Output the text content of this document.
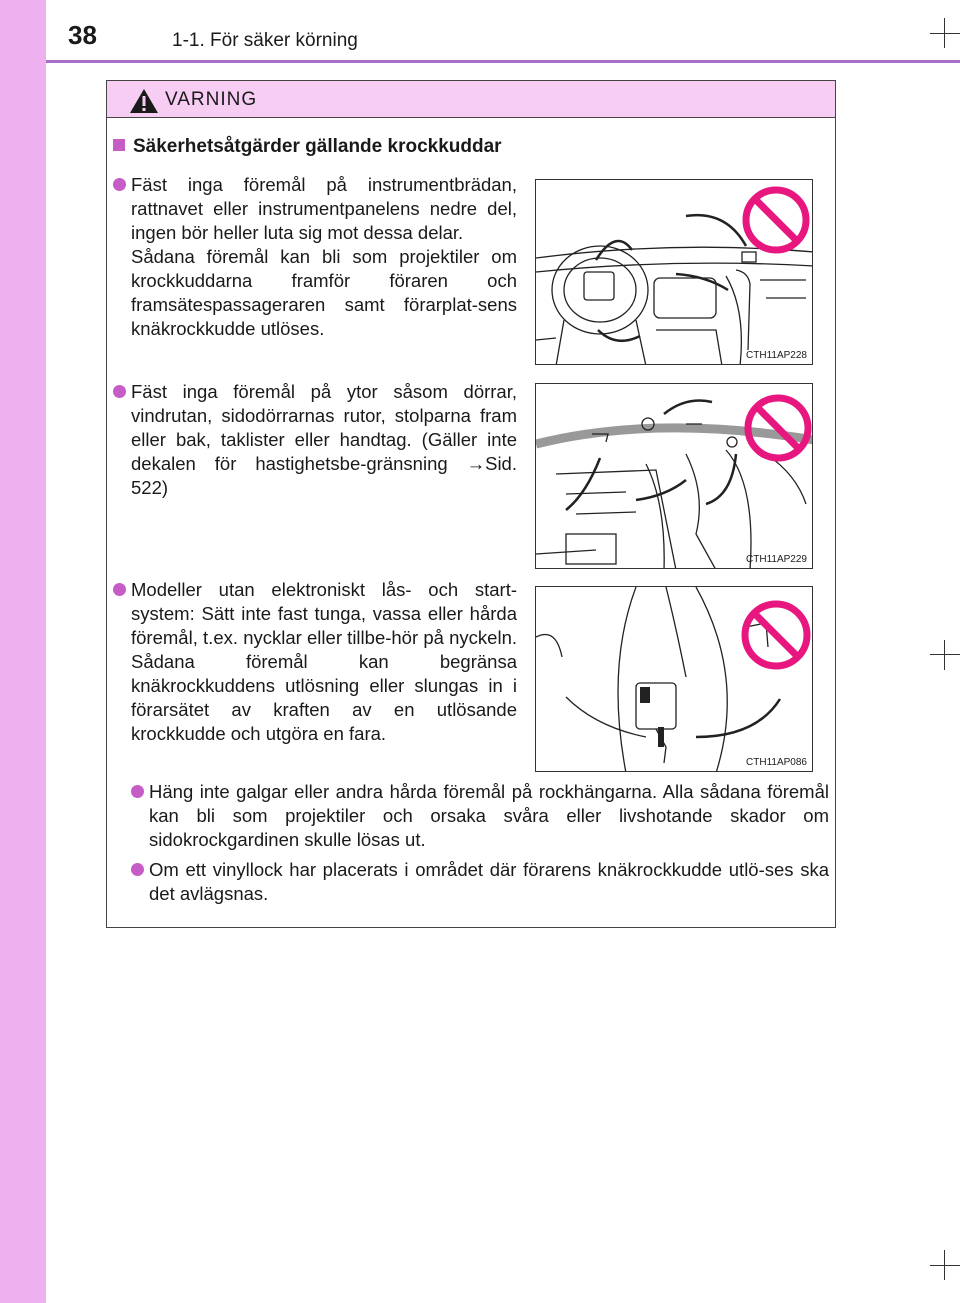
38	1-1. För säker körning
VARNING
Säkerhetsåtgärder gällande krockkuddar

Fäst inga föremål på instrumentbrädan, rattnavet eller instrumentpanelens nedre del, ingen bör heller luta sig mot dessa delar.

Sådana föremål kan bli som projektiler om krockkuddarna framför föraren och framsätespassageraren samt förarplat-sens knäkrockkudde utlöses.

CTH11AP228

Fäst inga föremål på ytor såsom dörrar, vindrutan, sidodörrarnas rutor, stolparna fram eller bak, taklister eller handtag. (Gäller inte dekalen för hastighetsbe-gränsning →Sid. 522)

CTH11AP229

Modeller utan elektroniskt lås- och start-system: Sätt inte fast tunga, vassa eller hårda föremål, t.ex. nycklar eller tillbe-hör på nyckeln. Sådana föremål kan begränsa knäkrockkuddens utlösning eller slungas in i förarsätet av kraften av en utlösande krockkudde och utgöra en fara.

CTH11AP086

Häng inte galgar eller andra hårda föremål på rockhängarna. Alla sådana föremål kan bli som projektiler och orsaka svåra eller livshotande skador om sidokrockgardinen skulle lösas ut.

Om ett vinyllock har placerats i området där förarens knäkrockkudde utlö-ses ska det avlägsnas.
